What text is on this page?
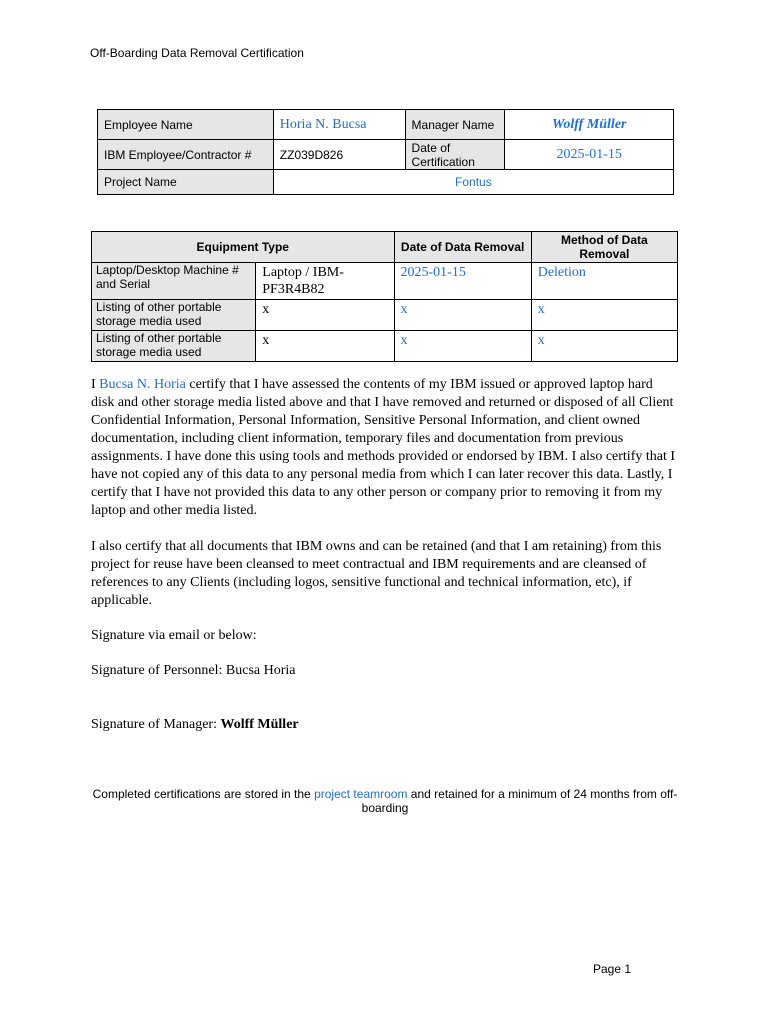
Off-Boarding Data Removal Certification
Employee Name	Horia N. Bucsa	Manager Name	Wolff Müller
IBM Employee/Contractor #	ZZ039D826	Date of Certification	2025-01-15
Project Name	Fontus		
Equipment Type		Date of Data Removal	Method of Data Removal
Laptop/Desktop Machine # and Serial	Laptop / IBM-PF3R4B82	2025-01-15	Deletion
Listing of other portable storage media used	x	x	x
Listing of other portable storage media used	x	x	x
I Bucsa N. Horia certify that I have assessed the contents of my IBM issued or approved laptop hard disk and other storage media listed above and that I have removed and returned or disposed of all Client Confidential Information, Personal Information, Sensitive Personal Information, and client owned documentation, including client information, temporary files and documentation from previous assignments. I have done this using tools and methods provided or endorsed by IBM. I also certify that I have not copied any of this data to any personal media from which I can later recover this data. Lastly, I certify that I have not provided this data to any other person or company prior to removing it from my laptop and other media listed.
I also certify that all documents that IBM owns and can be retained (and that I am retaining) from this project for reuse have been cleansed to meet contractual and IBM requirements and are cleansed of references to any Clients (including logos, sensitive functional and technical information, etc), if applicable.
Signature via email or below:
Signature of Personnel: Bucsa Horia
Signature of Manager: Wolff Müller
Completed certifications are stored in the project teamroom and retained for a minimum of 24 months from off-boarding
Page 1
